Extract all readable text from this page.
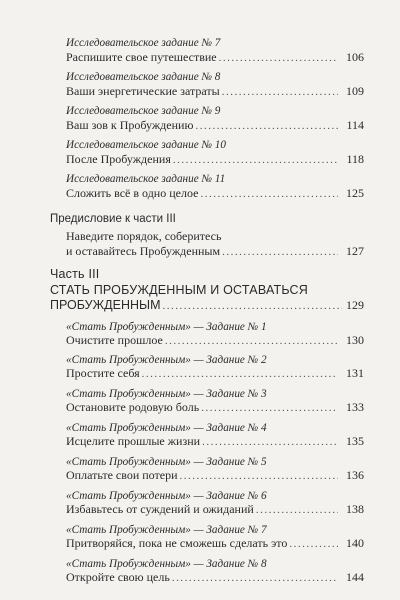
Исследовательское задание № 7
Распишите свое путешествие .....	106
Исследовательское задание № 8
Ваши энергетические затраты .....	109
Исследовательское задание № 9
Ваш зов к Пробуждению .....	114
Исследовательское задание № 10
После Пробуждения .....	118
Исследовательское задание № 11
Сложить всё в одно целое .....	125
Предисловие к части III
Наведите порядок, соберитесь
и оставайтесь Пробужденным .....	127
Часть III
СТАТЬ ПРОБУЖДЕННЫМ И ОСТАВАТЬСЯ
ПРОБУЖДЕННЫМ .....	129
«Стать Пробужденным» — Задание № 1
Очистите прошлое .....	130
«Стать Пробужденным» — Задание № 2
Простите себя .....	131
«Стать Пробужденным» — Задание № 3
Остановите родовую боль .....	133
«Стать Пробужденным» — Задание № 4
Исцелите прошлые жизни .....	135
«Стать Пробужденным» — Задание № 5
Оплатьте свои потери .....	136
«Стать Пробужденным» — Задание № 6
Избавьтесь от суждений и ожиданий .....	138
«Стать Пробужденным» — Задание № 7
Притворяйся, пока не сможешь сделать это .....	140
«Стать Пробужденным» — Задание № 8
Откройте свою цель .....	144
